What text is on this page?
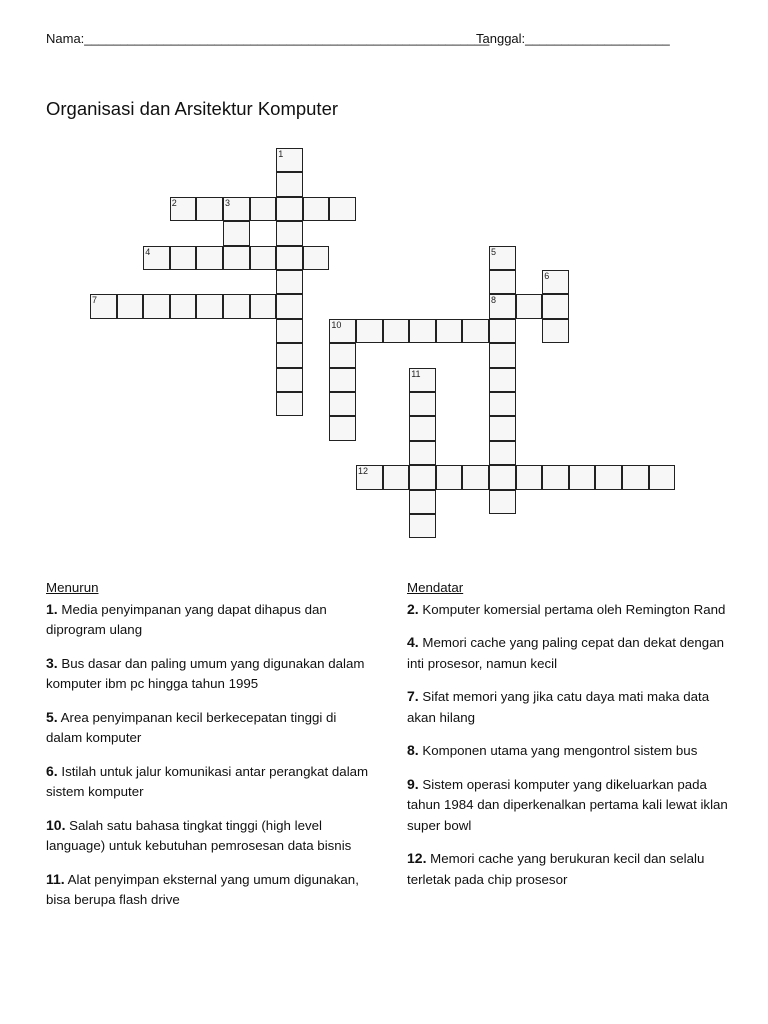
Nama:________________________________________________________
Tanggal:____________________
Organisasi dan Arsitektur Komputer
1
2	3
4
7
10
5
8
6
11
12
Menurun
1. Media penyimpanan yang dapat dihapus dan diprogram ulang
3. Bus dasar dan paling umum yang digunakan dalam komputer ibm pc hingga tahun 1995
5. Area penyimpanan kecil berkecepatan tinggi di dalam komputer
6. Istilah untuk jalur komunikasi antar perangkat dalam sistem komputer
10. Salah satu bahasa tingkat tinggi (high level language) untuk kebutuhan pemrosesan data bisnis
11. Alat penyimpan eksternal yang umum digunakan, bisa berupa flash drive
Mendatar
2. Komputer komersial pertama oleh Remington Rand
4. Memori cache yang paling cepat dan dekat dengan inti prosesor, namun kecil
7. Sifat memori yang jika catu daya mati maka data akan hilang
8. Komponen utama yang mengontrol sistem bus
9. Sistem operasi komputer yang dikeluarkan pada tahun 1984 dan diperkenalkan pertama kali lewat iklan super bowl
12. Memori cache yang berukuran kecil dan selalu terletak pada chip prosesor
